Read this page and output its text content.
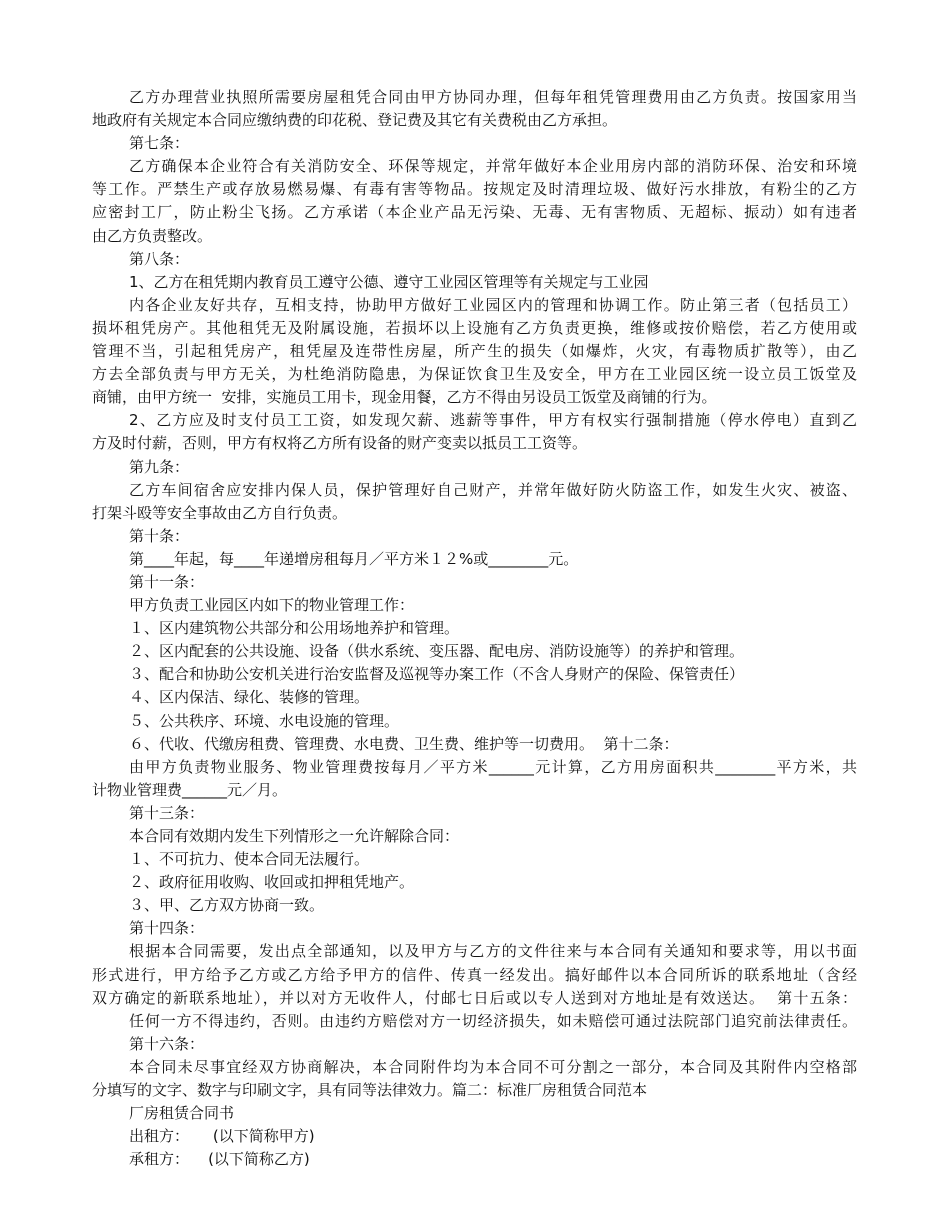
乙方办理营业执照所需要房屋租凭合同由甲方协同办理，但每年租凭管理费用由乙方负责。按国家用当
地政府有关规定本合同应缴纳费的印花税、登记费及其它有关费税由乙方承担。
第七条：
乙方确保本企业符合有关消防安全、环保等规定，并常年做好本企业用房内部的消防环保、治安和环境
等工作。严禁生产或存放易燃易爆、有毒有害等物品。按规定及时清理垃圾、做好污水排放，有粉尘的乙方
应密封工厂，防止粉尘飞扬。乙方承诺（本企业产品无污染、无毒、无有害物质、无超标、振动）如有违者
由乙方负责整改。
第八条：
1、乙方在租凭期内教育员工遵守公德、遵守工业园区管理等有关规定与工业园
内各企业友好共存，互相支持，协助甲方做好工业园区内的管理和协调工作。防止第三者（包括员工）
损坏租凭房产。其他租凭无及附属设施，若损坏以上设施有乙方负责更换，维修或按价赔偿，若乙方使用或
管理不当，引起租凭房产，租凭屋及连带性房屋，所产生的损失（如爆炸，火灾，有毒物质扩散等），由乙
方去全部负责与甲方无关，为杜绝消防隐患，为保证饮食卫生及安全，甲方在工业园区统一设立员工饭堂及
商铺，由甲方统一  安排，实施员工用卡，现金用餐，乙方不得由另设员工饭堂及商铺的行为。
2、乙方应及时支付员工工资，如发现欠薪、逃薪等事件，甲方有权实行强制措施（停水停电）直到乙
方及时付薪，否则，甲方有权将乙方所有设备的财产变卖以抵员工工资等。
第九条：
乙方车间宿舍应安排内保人员，保护管理好自己财产，并常年做好防火防盗工作，如发生火灾、被盗、
打架斗殴等安全事故由乙方自行负责。
第十条：
第____年起，每____年递增房租每月／平方米１２%或________元。
第十一条：
甲方负责工业园区内如下的物业管理工作：
１、区内建筑物公共部分和公用场地养护和管理。
２、区内配套的公共设施、设备（供水系统、变压器、配电房、消防设施等）的养护和管理。
３、配合和协助公安机关进行治安监督及巡视等办案工作（不含人身财产的保险、保管责任）
４、区内保洁、绿化、装修的管理。
５、公共秩序、环境、水电设施的管理。
６、代收、代缴房租费、管理费、水电费、卫生费、维护等一切费用。  第十二条：
由甲方负责物业服务、物业管理费按每月／平方米______元计算，乙方用房面积共________平方米，共
计物业管理费______元／月。
第十三条：
本合同有效期内发生下列情形之一允许解除合同：
１、不可抗力、使本合同无法履行。
２、政府征用收购、收回或扣押租凭地产。
３、甲、乙方双方协商一致。
第十四条：
根据本合同需要，发出点全部通知，以及甲方与乙方的文件往来与本合同有关通知和要求等，用以书面
形式进行，甲方给予乙方或乙方给予甲方的信件、传真一经发出。搞好邮件以本合同所诉的联系地址（含经
双方确定的新联系地址），并以对方无收件人，付邮七日后或以专人送到对方地址是有效送达。  第十五条：
任何一方不得违约，否则。由违约方赔偿对方一切经济损失，如未赔偿可通过法院部门追究前法律责任。
第十六条：
本合同未尽事宜经双方协商解决，本合同附件均为本合同不可分割之一部分，本合同及其附件内空格部
分填写的文字、数字与印刷文字，具有同等法律效力。篇二：标准厂房租赁合同范本
厂房租赁合同书
出租方：     (以下简称甲方)
承租方：    (以下简称乙方)
